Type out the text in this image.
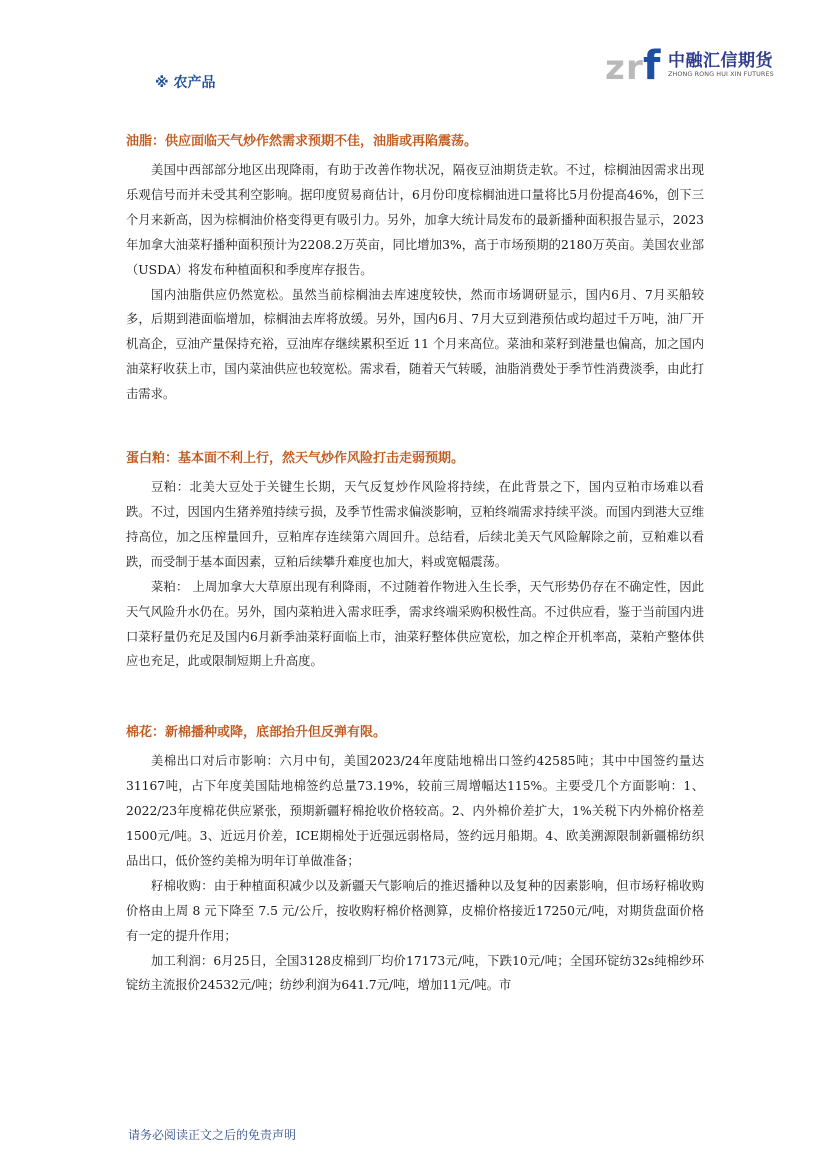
z r f 中融汇信期货
ZHONG RONG HUI XIN FUTURES
※ 农产品
油脂：供应面临天气炒作然需求预期不佳，油脂或再陷震荡。

美国中西部部分地区出现降雨，有助于改善作物状况，隔夜豆油期货走软。不过，棕榈油因需求出现乐观信号而并未受其利空影响。据印度贸易商估计，6月份印度棕榈油进口量将比5月份提高46%，创下三个月来新高，因为棕榈油价格变得更有吸引力。另外，加拿大统计局发布的最新播种面积报告显示，2023年加拿大油菜籽播种面积预计为2208.2万英亩，同比增加3%，高于市场预期的2180万英亩。美国农业部（USDA）将发布种植面积和季度库存报告。

国内油脂供应仍然宽松。虽然当前棕榈油去库速度较快，然而市场调研显示，国内6月、7月买船较多，后期到港面临增加，棕榈油去库将放缓。另外，国内6月、7月大豆到港预估或均超过千万吨，油厂开机高企，豆油产量保持充裕，豆油库存继续累积至近 11 个月来高位。菜油和菜籽到港量也偏高，加之国内油菜籽收获上市，国内菜油供应也较宽松。需求看，随着天气转暖，油脂消费处于季节性消费淡季，由此打击需求。

蛋白粕：基本面不利上行，然天气炒作风险打击走弱预期。

豆粕：北美大豆处于关键生长期，天气反复炒作风险将持续，在此背景之下，国内豆粕市场难以看跌。不过，因国内生猪养殖持续亏损，及季节性需求偏淡影响，豆粕终端需求持续平淡。而国内到港大豆维持高位，加之压榨量回升，豆粕库存连续第六周回升。总结看，后续北美天气风险解除之前，豆粕难以看跌，而受制于基本面因素，豆粕后续攀升难度也加大，料或宽幅震荡。

菜粕： 上周加拿大大草原出现有利降雨，不过随着作物进入生长季，天气形势仍存在不确定性，因此天气风险升水仍在。另外，国内菜粕进入需求旺季，需求终端采购积极性高。不过供应看，鉴于当前国内进口菜籽量仍充足及国内6月新季油菜籽面临上市，油菜籽整体供应宽松，加之榨企开机率高，菜粕产整体供应也充足，此或限制短期上升高度。

棉花：新棉播种或降，底部抬升但反弹有限。

美棉出口对后市影响：六月中旬，美国2023/24年度陆地棉出口签约42585吨；其中中国签约量达31167吨，占下年度美国陆地棉签约总量73.19%，较前三周增幅达115%。主要受几个方面影响：1、2022/23年度棉花供应紧张，预期新疆籽棉抢收价格较高。2、内外棉价差扩大，1%关税下内外棉价格差1500元/吨。3、近远月价差，ICE期棉处于近强远弱格局，签约远月船期。4、欧美溯源限制新疆棉纺织品出口，低价签约美棉为明年订单做准备；

籽棉收购：由于种植面积减少以及新疆天气影响后的推迟播种以及复种的因素影响，但市场籽棉收购价格由上周 8 元下降至 7.5 元/公斤，按收购籽棉价格测算，皮棉价格接近17250元/吨，对期货盘面价格有一定的提升作用；

加工利润：6月25日，全国3128皮棉到厂均价17173元/吨，下跌10元/吨；全国环锭纺32s纯棉纱环锭纺主流报价24532元/吨；纺纱利润为641.7元/吨，增加11元/吨。市

请务必阅读正文之后的免责声明
